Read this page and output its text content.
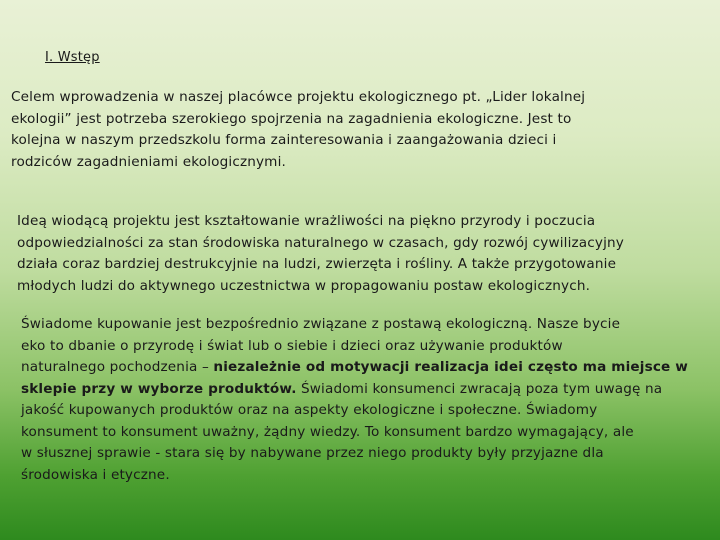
I. Wstęp

Celem wprowadzenia w naszej placówce projektu ekologicznego pt. „Lider lokalnej
ekologii” jest potrzeba szerokiego spojrzenia na zagadnienia ekologiczne. Jest to
kolejna w naszym przedszkolu forma zainteresowania i zaangażowania dzieci i
rodziców zagadnieniami ekologicznymi.

Ideą wiodącą projektu jest kształtowanie wrażliwości na piękno przyrody i poczucia
odpowiedzialności za stan środowiska naturalnego w czasach, gdy rozwój cywilizacyjny
działa coraz bardziej destrukcyjnie na ludzi, zwierzęta i rośliny. A także przygotowanie
młodych ludzi do aktywnego uczestnictwa w propagowaniu postaw ekologicznych.

Świadome kupowanie jest bezpośrednio związane z postawą ekologiczną. Nasze bycie
eko to dbanie o przyrodę i świat lub o siebie i dzieci oraz używanie produktów
naturalnego pochodzenia – niezależnie od motywacji realizacja idei często ma miejsce w
sklepie przy w wyborze produktów. Świadomi konsumenci zwracają poza tym uwagę na
jakość kupowanych produktów oraz na aspekty ekologiczne i społeczne. Świadomy
konsument to konsument uważny, żądny wiedzy. To konsument bardzo wymagający, ale
w słusznej sprawie - stara się by nabywane przez niego produkty były przyjazne dla
środowiska i etyczne.
